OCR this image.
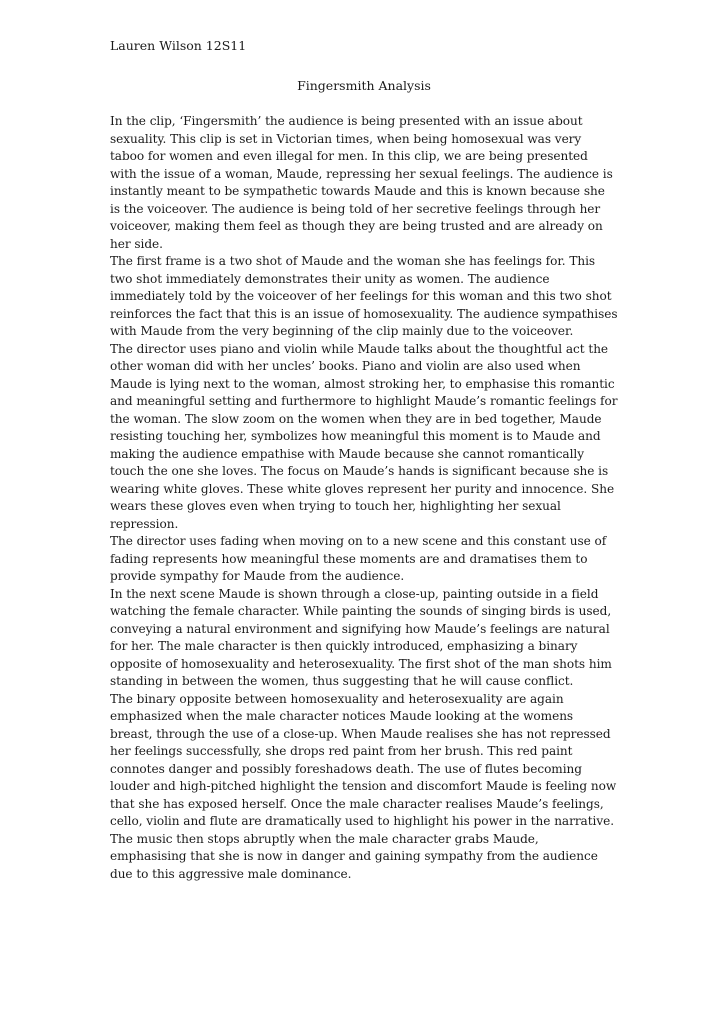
Lauren Wilson 12S11
Fingersmith Analysis

In the clip, ‘Fingersmith’ the audience is being presented with an issue about sexuality. This clip is set in Victorian times, when being homosexual was very taboo for women and even illegal for men. In this clip, we are being presented with the issue of a woman, Maude, repressing her sexual feelings. The audience is instantly meant to be sympathetic towards Maude and this is known because she is the voiceover. The audience is being told of her secretive feelings through her voiceover, making them feel as though they are being trusted and are already on her side.

The first frame is a two shot of Maude and the woman she has feelings for. This two shot immediately demonstrates their unity as women. The audience immediately told by the voiceover of her feelings for this woman and this two shot reinforces the fact that this is an issue of homosexuality. The audience sympathises with Maude from the very beginning of the clip mainly due to the voiceover.

The director uses piano and violin while Maude talks about the thoughtful act the other woman did with her uncles’ books. Piano and violin are also used when Maude is lying next to the woman, almost stroking her, to emphasise this romantic and meaningful setting and furthermore to highlight Maude’s romantic feelings for the woman. The slow zoom on the women when they are in bed together, Maude resisting touching her, symbolizes how meaningful this moment is to Maude and making the audience empathise with Maude because she cannot romantically touch the one she loves. The focus on Maude’s hands is significant because she is wearing white gloves. These white gloves represent her purity and innocence. She wears these gloves even when trying to touch her, highlighting her sexual repression.

The director uses fading when moving on to a new scene and this constant use of fading represents how meaningful these moments are and dramatises them to provide sympathy for Maude from the audience.

In the next scene Maude is shown through a close-up, painting outside in a field watching the female character. While painting the sounds of singing birds is used, conveying a natural environment and signifying how Maude’s feelings are natural for her. The male character is then quickly introduced, emphasizing a binary opposite of homosexuality and heterosexuality. The first shot of the man shots him standing in between the women, thus suggesting that he will cause conflict.

The binary opposite between homosexuality and heterosexuality are again emphasized when the male character notices Maude looking at the womens breast, through the use of a close-up. When Maude realises she has not repressed her feelings successfully, she drops red paint from her brush. This red paint connotes danger and possibly foreshadows death. The use of flutes becoming louder and high-pitched highlight the tension and discomfort Maude is feeling now that she has exposed herself. Once the male character realises Maude’s feelings, cello, violin and flute are dramatically used to highlight his power in the narrative. The music then stops abruptly when the male character grabs Maude, emphasising that she is now in danger and gaining sympathy from the audience due to this aggressive male dominance.
